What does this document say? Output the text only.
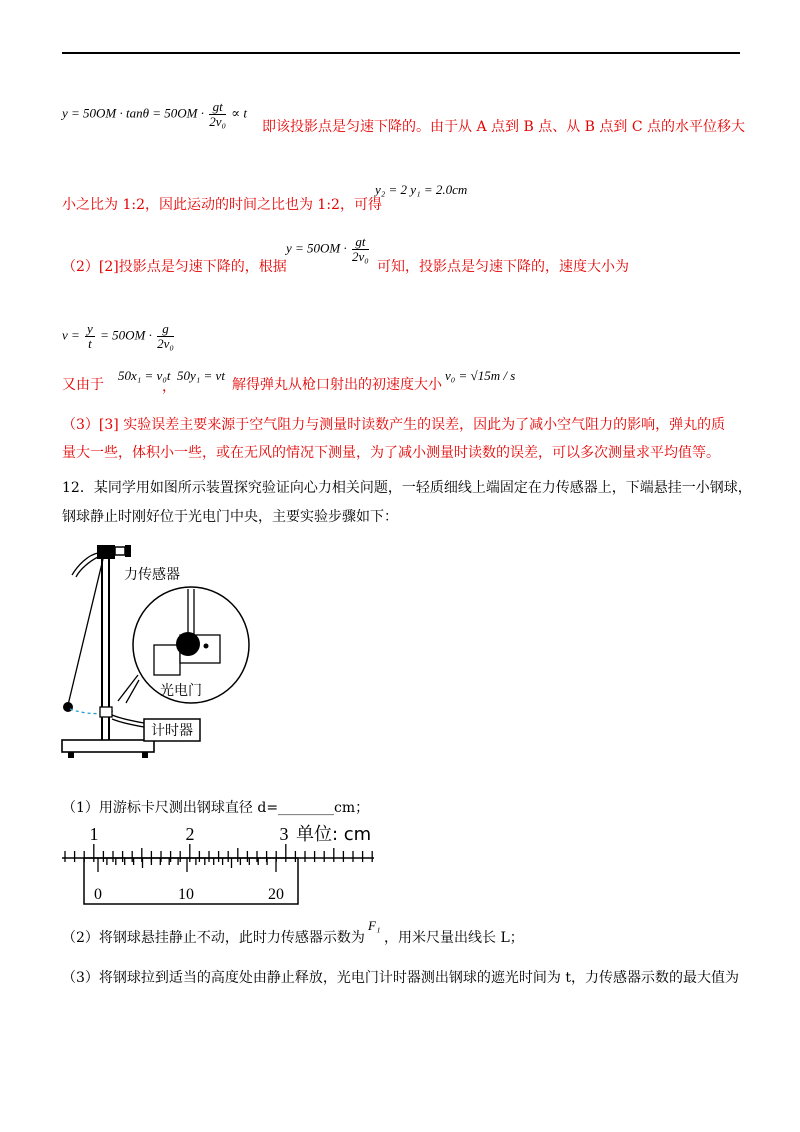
$y = 50OM \cdot \tan\theta = 50OM \cdot \frac{gt}{\text{2v₀}} \propto t$
即该投影点是匀速下降的。由于从 A 点到 B 点、从 B 点到 C 点的水平位移大
小之比为 1:2，因此运动的时间之比也为 1:2，可得
y₂ = 2 y₁ = 2.0cm
（2）[2]投影点是匀速下降的，根据
$y = 50OM \cdot \frac{gt}{\text{2v₀}}$
可知，投影点是匀速下降的，速度大小为
$v = \frac{y}{t} = 50OM \cdot \frac{g}{\text{2v₀}}$
又由于
50x₁ = v₀t
，
50y₁ = vt
解得弹丸从枪口射出的初速度大小
v₀ = √15m / s
（3）[3] 实验误差主要来源于空气阻力与测量时读数产生的误差，因此为了减小空气阻力的影响，弹丸的质
量大一些，体积小一些，或在无风的情况下测量，为了减小测量时读数的误差，可以多次测量求平均值等。
12．某同学用如图所示装置探究验证向心力相关问题，一轻质细线上端固定在力传感器上，下端悬挂一小钢球，
钢球静止时刚好位于光电门中央，主要实验步骤如下：
计时器
光电门
力传感器
（1）用游标卡尺测出钢球直径 d=________cm；
1	2	3 单位: cm
0	10	20
（2）将钢球悬挂静止不动，此时力传感器示数为
F₁
，用米尺量出线长 L；
（3）将钢球拉到适当的高度处由静止释放，光电门计时器测出钢球的遮光时间为 t，力传感器示数的最大值为
